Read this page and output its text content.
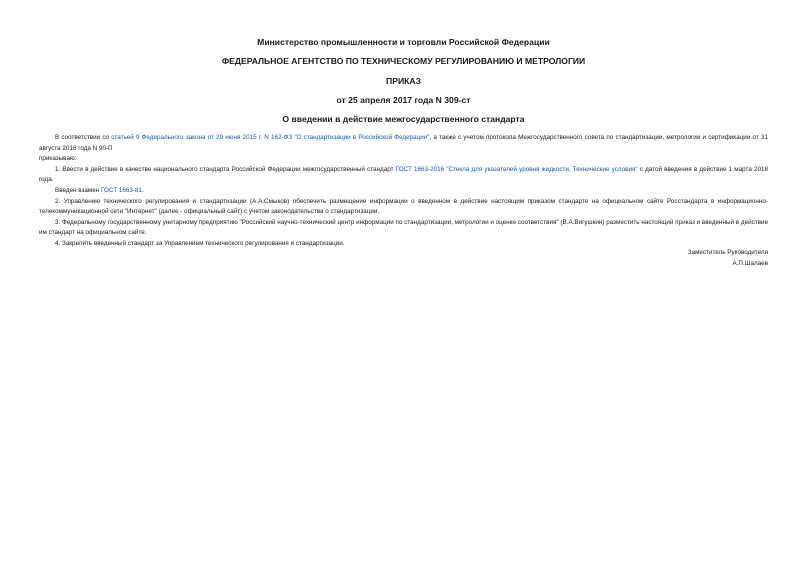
Министерство промышленности и торговли Российской Федерации
ФЕДЕРАЛЬНОЕ АГЕНТСТВО ПО ТЕХНИЧЕСКОМУ РЕГУЛИРОВАНИЮ И МЕТРОЛОГИИ
ПРИКАЗ
от 25 апреля 2017 года N 309-ст
О введении в действие межгосударственного стандарта

В соответствии со статьей 9 Федерального закона от 29 июня 2015 г. N 162-ФЗ "О стандартизации в Российской Федерации", а также с учетом протокола Межгосударственного совета по стандартизации, метрологии и сертификации от 31 августа 2016 года N 90-П

приказываю:

1. Ввести в действие в качестве национального стандарта Российской Федерации межгосударственный стандарт ГОСТ 1663-2016 "Стекла для указателей уровня жидкости. Технические условия" с датой введения в действие 1 марта 2018 года.

Введен взамен ГОСТ 1663-81.

2. Управлению технического регулирования и стандартизации (А.А.Смыков) обеспечить размещение информации о введенном в действие настоящим приказом стандарте на официальном сайте Росстандарта в информационно-телекоммуникационной сети "Интернет" (далее - официальный сайт) с учетом законодательства о стандартизации.

3. Федеральному государственному унитарному предприятию "Российский научно-технический центр информации по стандартизации, метрологии и оценке соответствия" (В.А.Вигушкин) разместить настоящий приказ и введенный в действие им стандарт на официальном сайте.

4. Закрепить введенный стандарт за Управлением технического регулирования и стандартизации.

Заместитель Руководителя
А.П.Шалаев
